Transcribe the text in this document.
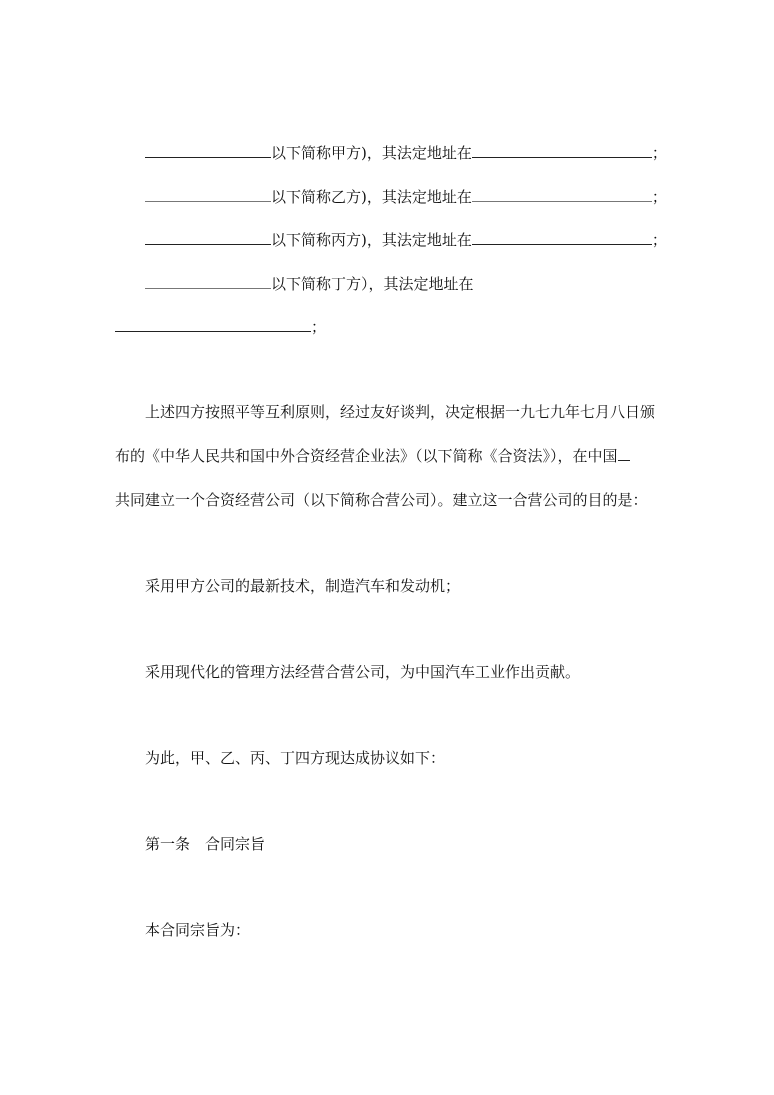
以下简称甲方)，其法定地址在	；
以下简称乙方)，其法定地址在	；
以下简称丙方)，其法定地址在	；
以下简称丁方），其法定地址在
；
上述四方按照平等互利原则，经过友好谈判，决定根据一九七九年七月八日颁
布的《中华人民共和国中外合资经营企业法》（以下简称《合资法》），在中国
共同建立一个合资经营公司（以下简称合营公司）。建立这一合营公司的目的是：
采用甲方公司的最新技术，制造汽车和发动机；
采用现代化的管理方法经营合营公司，为中国汽车工业作出贡献。
为此，甲、乙、丙、丁四方现达成协议如下：
第一条　合同宗旨
本合同宗旨为：
